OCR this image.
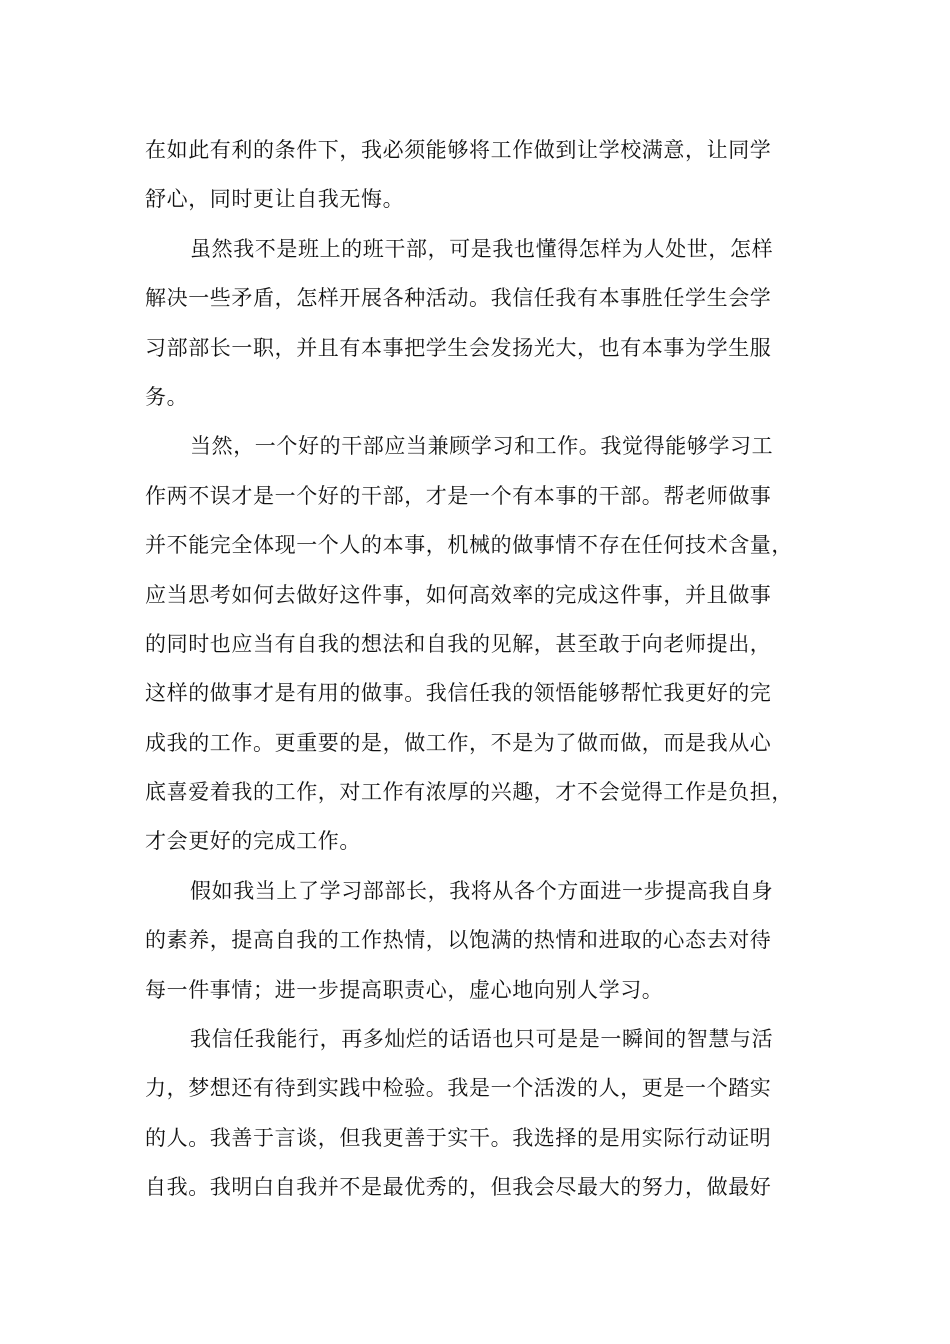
在如此有利的条件下，我必须能够将工作做到让学校满意，让同学
舒心，同时更让自我无悔。

虽然我不是班上的班干部，可是我也懂得怎样为人处世，怎样
解决一些矛盾，怎样开展各种活动。我信任我有本事胜任学生会学
习部部长一职，并且有本事把学生会发扬光大，也有本事为学生服
务。

当然，一个好的干部应当兼顾学习和工作。我觉得能够学习工
作两不误才是一个好的干部，才是一个有本事的干部。帮老师做事
并不能完全体现一个人的本事，机械的做事情不存在任何技术含量，
应当思考如何去做好这件事，如何高效率的完成这件事，并且做事
的同时也应当有自我的想法和自我的见解，甚至敢于向老师提出，
这样的做事才是有用的做事。我信任我的领悟能够帮忙我更好的完
成我的工作。更重要的是，做工作，不是为了做而做，而是我从心
底喜爱着我的工作，对工作有浓厚的兴趣，才不会觉得工作是负担，
才会更好的完成工作。

假如我当上了学习部部长，我将从各个方面进一步提高我自身
的素养，提高自我的工作热情，以饱满的热情和进取的心态去对待
每一件事情；进一步提高职责心，虚心地向别人学习。

我信任我能行，再多灿烂的话语也只可是是一瞬间的智慧与活
力，梦想还有待到实践中检验。我是一个活泼的人，更是一个踏实
的人。我善于言谈，但我更善于实干。我选择的是用实际行动证明
自我。我明白自我并不是最优秀的，但我会尽最大的努力，做最好
